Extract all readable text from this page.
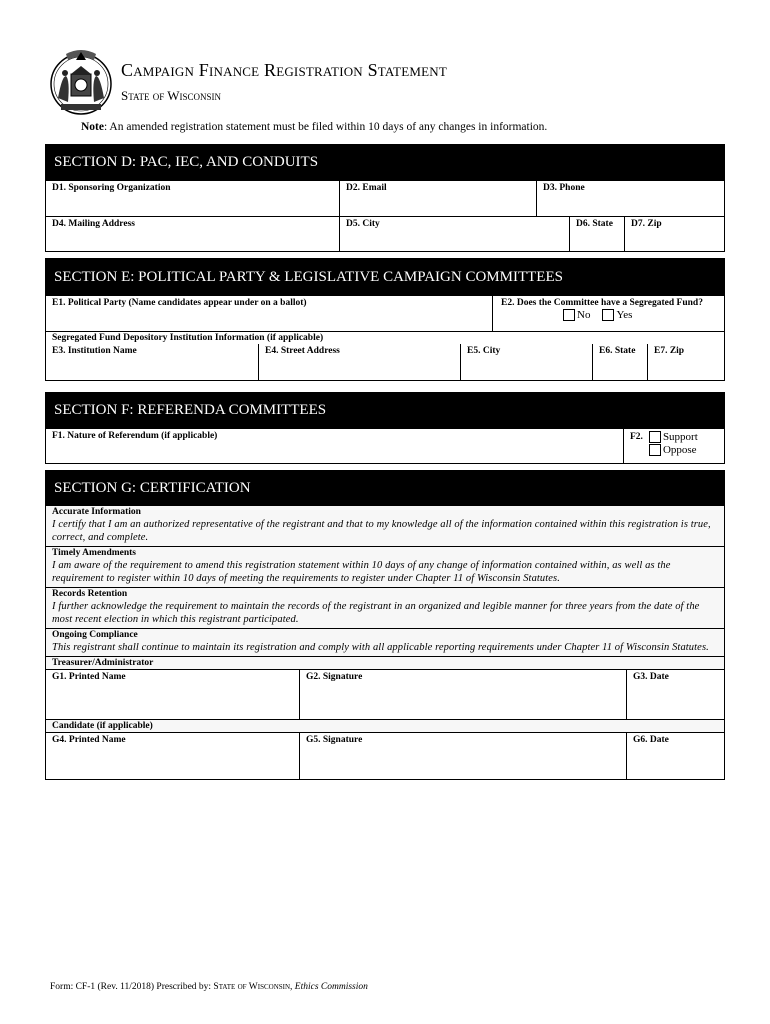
Campaign Finance Registration Statement
State of Wisconsin
Note: An amended registration statement must be filed within 10 days of any changes in information.
SECTION D: PAC, IEC, AND CONDUITS
D1. Sponsoring Organization	D2. Email	D3. Phone
D4. Mailing Address	D5. City	D6. State	D7. Zip
SECTION E: POLITICAL PARTY & LEGISLATIVE CAMPAIGN COMMITTEES
E1. Political Party (Name candidates appear under on a ballot)	E2. Does the Committee have a Segregated Fund?
No Yes
Segregated Fund Depository Institution Information (if applicable)
E3. Institution Name	E4. Street Address	E5. City	E6. State	E7. Zip
SECTION F: REFERENDA COMMITTEES
F1. Nature of Referendum (if applicable)	F2. Support
Oppose
SECTION G: CERTIFICATION
Accurate Information
I certify that I am an authorized representative of the registrant and that to my knowledge all of the information contained within this registration is true, correct, and complete.
Timely Amendments
I am aware of the requirement to amend this registration statement within 10 days of any change of information contained within, as well as the requirement to register within 10 days of meeting the requirements to register under Chapter 11 of Wisconsin Statutes.
Records Retention
I further acknowledge the requirement to maintain the records of the registrant in an organized and legible manner for three years from the date of the most recent election in which this registrant participated.
Ongoing Compliance
This registrant shall continue to maintain its registration and comply with all applicable reporting requirements under Chapter 11 of Wisconsin Statutes.
Treasurer/Administrator
G1. Printed Name	G2. Signature	G3. Date
Candidate (if applicable)
G4. Printed Name	G5. Signature	G6. Date
Form: CF-1 (Rev. 11/2018) Prescribed by: State of Wisconsin, Ethics Commission
